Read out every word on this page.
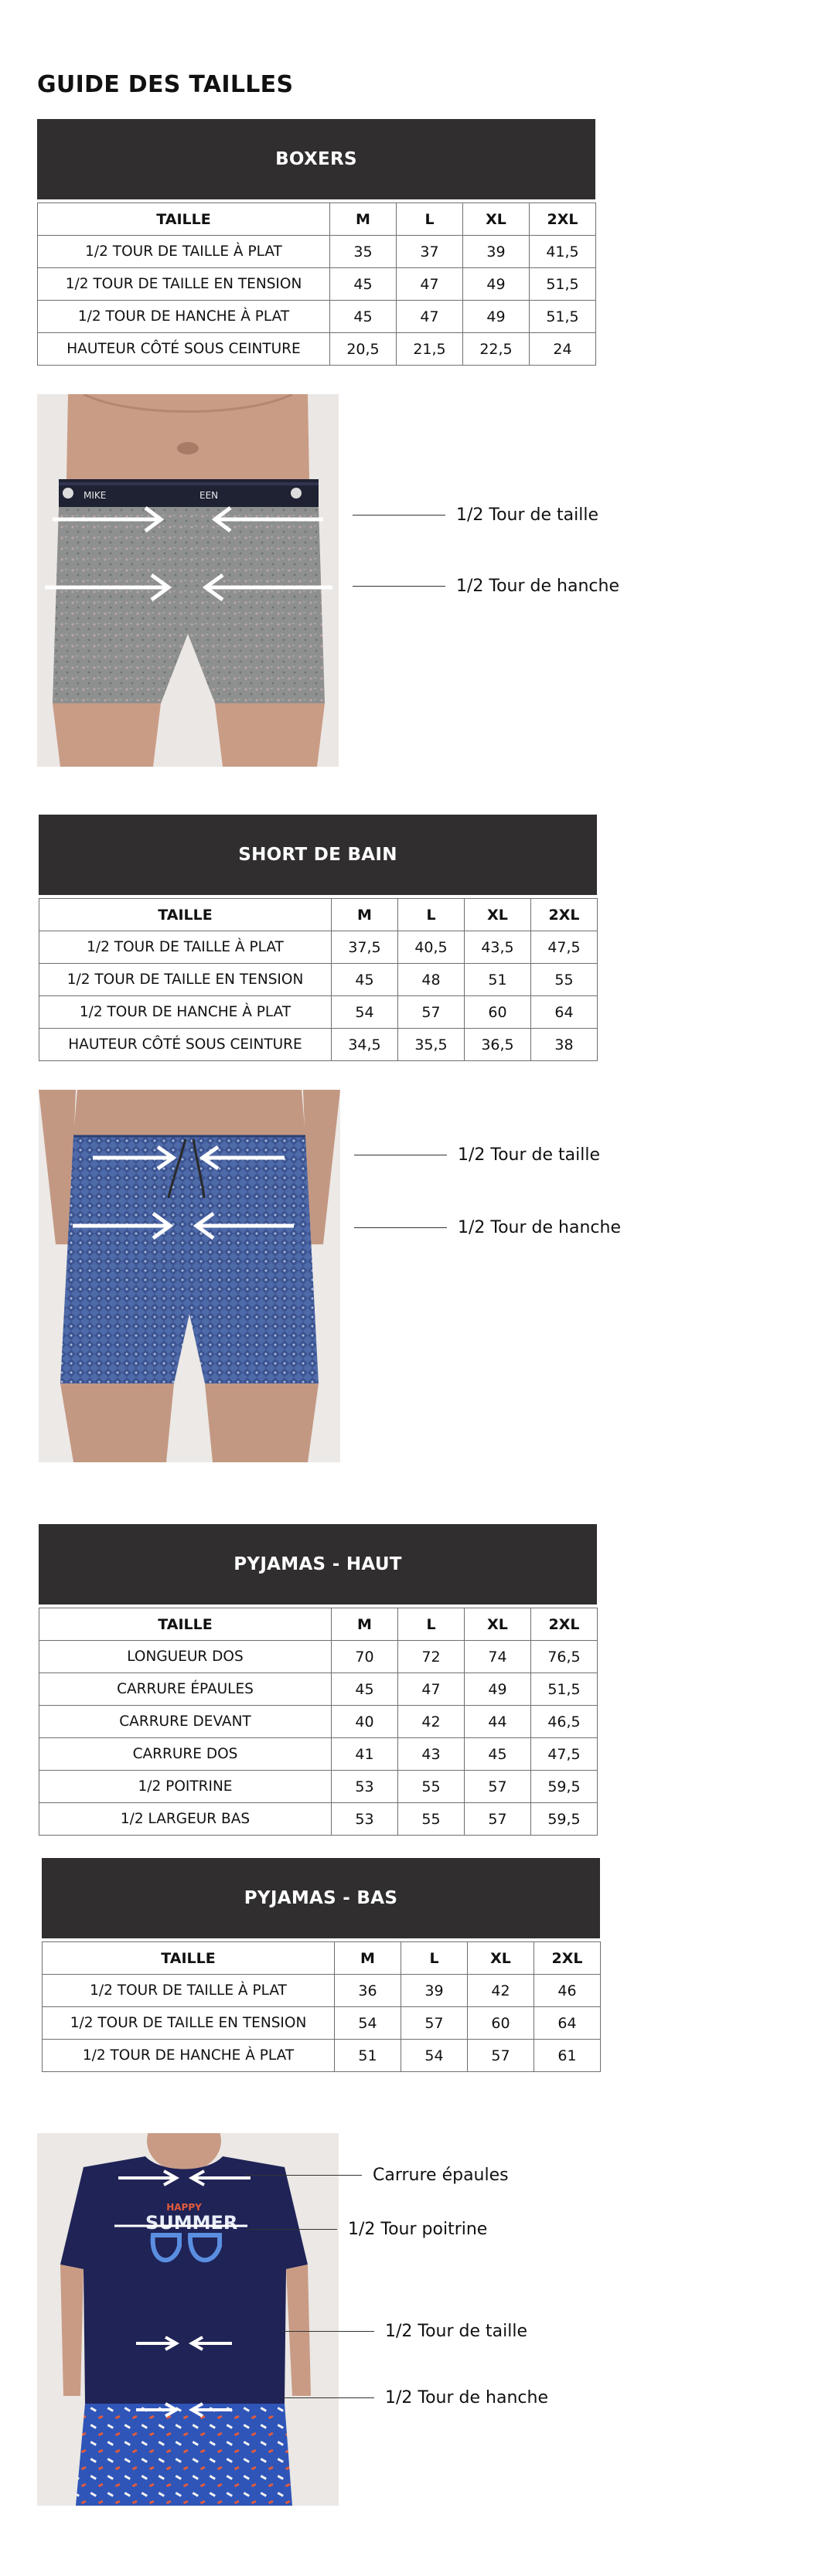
GUIDE DES TAILLES
BOXERS
TAILLE	M	L	XL	2XL
1/2 TOUR DE TAILLE À PLAT	35	37	39	41,5
1/2 TOUR DE TAILLE EN TENSION	45	47	49	51,5
1/2 TOUR DE HANCHE À PLAT	45	47	49	51,5
HAUTEUR CÔTÉ SOUS CEINTURE	20,5	21,5	22,5	24
MIKE	EEN
1/2 Tour de taille
1/2 Tour de hanche
SHORT DE BAIN
TAILLE	M	L	XL	2XL
1/2 TOUR DE TAILLE À PLAT	37,5	40,5	43,5	47,5
1/2 TOUR DE TAILLE EN TENSION	45	48	51	55
1/2 TOUR DE HANCHE À PLAT	54	57	60	64
HAUTEUR CÔTÉ SOUS CEINTURE	34,5	35,5	36,5	38
1/2 Tour de taille
1/2 Tour de hanche
PYJAMAS - HAUT
TAILLE	M	L	XL	2XL
LONGUEUR DOS	70	72	74	76,5
CARRURE ÉPAULES	45	47	49	51,5
CARRURE DEVANT	40	42	44	46,5
CARRURE DOS	41	43	45	47,5
1/2 POITRINE	53	55	57	59,5
1/2 LARGEUR BAS	53	55	57	59,5
PYJAMAS - BAS
TAILLE	M	L	XL	2XL
1/2 TOUR DE TAILLE À PLAT	36	39	42	46
1/2 TOUR DE TAILLE EN TENSION	54	57	60	64
1/2 TOUR DE HANCHE À PLAT	51	54	57	61
HAPPY
SUMMER
Carrure épaules
1/2 Tour poitrine
1/2 Tour de taille
1/2 Tour de hanche
